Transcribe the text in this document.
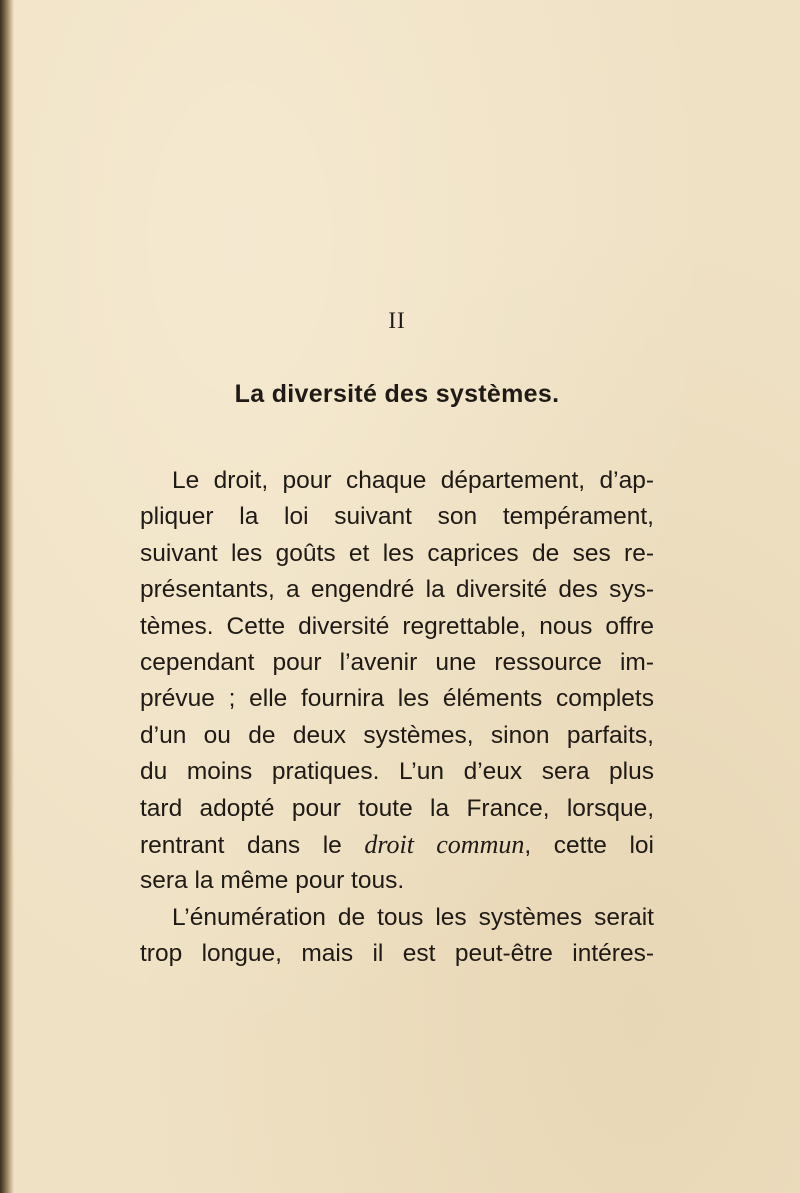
II
La diversité des systèmes.
Le droit, pour chaque département, d’ap-
pliquer la loi suivant son tempérament,
suivant les goûts et les caprices de ses re-
présentants, a engendré la diversité des sys-
tèmes. Cette diversité regrettable, nous offre
cependant pour l’avenir une ressource im-
prévue ; elle fournira les éléments complets
d’un ou de deux systèmes, sinon parfaits,
du moins pratiques. L’un d’eux sera plus
tard adopté pour toute la France, lorsque,
rentrant dans le droit commun, cette loi
sera la même pour tous.
L’énumération de tous les systèmes serait
trop longue, mais il est peut-être intéres-
